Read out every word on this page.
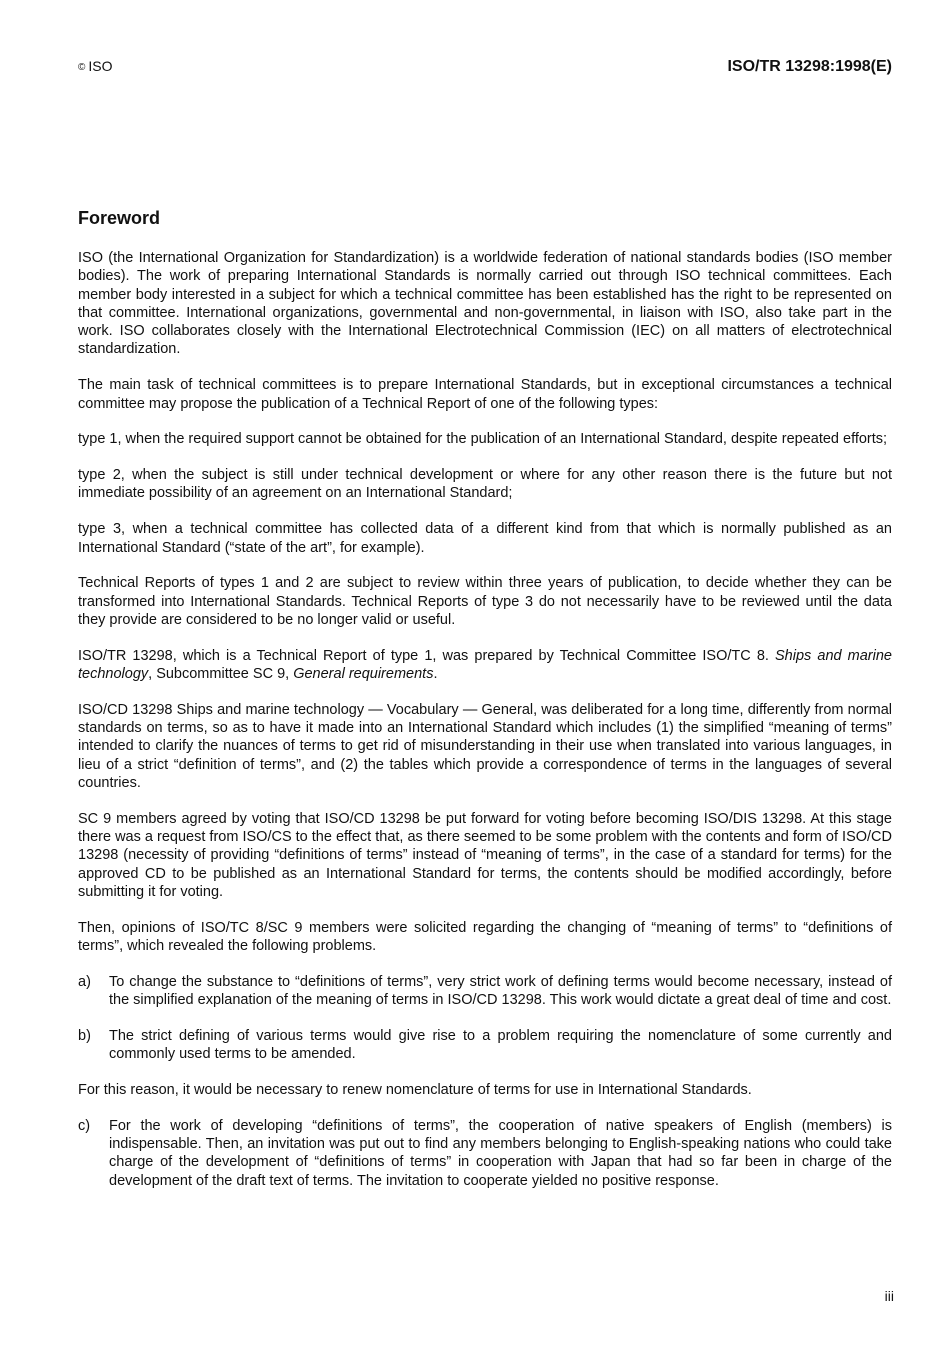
© ISO	ISO/TR 13298:1998(E)
Foreword

ISO (the International Organization for Standardization) is a worldwide federation of national standards bodies (ISO member bodies). The work of preparing International Standards is normally carried out through ISO technical committees. Each member body interested in a subject for which a technical committee has been established has the right to be represented on that committee. International organizations, governmental and non-governmental, in liaison with ISO, also take part in the work. ISO collaborates closely with the International Electrotechnical Commission (IEC) on all matters of electrotechnical standardization.

The main task of technical committees is to prepare International Standards, but in exceptional circumstances a technical committee may propose the publication of a Technical Report of one of the following types:

type 1, when the required support cannot be obtained for the publication of an International Standard, despite repeated efforts;

type 2, when the subject is still under technical development or where for any other reason there is the future but not immediate possibility of an agreement on an International Standard;

type 3, when a technical committee has collected data of a different kind from that which is normally published as an International Standard (“state of the art”, for example).

Technical Reports of types 1 and 2 are subject to review within three years of publication, to decide whether they can be transformed into International Standards. Technical Reports of type 3 do not necessarily have to be reviewed until the data they provide are considered to be no longer valid or useful.

ISO/TR 13298, which is a Technical Report of type 1, was prepared by Technical Committee ISO/TC 8. Ships and marine technology, Subcommittee SC 9, General requirements.

ISO/CD 13298 Ships and marine technology — Vocabulary — General, was deliberated for a long time, differently from normal standards on terms, so as to have it made into an International Standard which includes (1) the simplified “meaning of terms” intended to clarify the nuances of terms to get rid of misunderstanding in their use when translated into various languages, in lieu of a strict “definition of terms”, and (2) the tables which provide a correspondence of terms in the languages of several countries.

SC 9 members agreed by voting that ISO/CD 13298 be put forward for voting before becoming ISO/DIS 13298. At this stage there was a request from ISO/CS to the effect that, as there seemed to be some problem with the contents and form of ISO/CD 13298 (necessity of providing “definitions of terms” instead of “meaning of terms”, in the case of a standard for terms) for the approved CD to be published as an International Standard for terms, the contents should be modified accordingly, before submitting it for voting.

Then, opinions of ISO/TC 8/SC 9 members were solicited regarding the changing of “meaning of terms” to “definitions of terms”, which revealed the following problems.

a)	To change the substance to “definitions of terms”, very strict work of defining terms would become necessary, instead of the simplified explanation of the meaning of terms in ISO/CD 13298. This work would dictate a great deal of time and cost.
b)	The strict defining of various terms would give rise to a problem requiring the nomenclature of some currently and commonly used terms to be amended.

For this reason, it would be necessary to renew nomenclature of terms for use in International Standards.

c)	For the work of developing “definitions of terms”, the cooperation of native speakers of English (members) is indispensable. Then, an invitation was put out to find any members belonging to English-speaking nations who could take charge of the development of “definitions of terms” in cooperation with Japan that had so far been in charge of the development of the draft text of terms. The invitation to cooperate yielded no positive response.
iii
